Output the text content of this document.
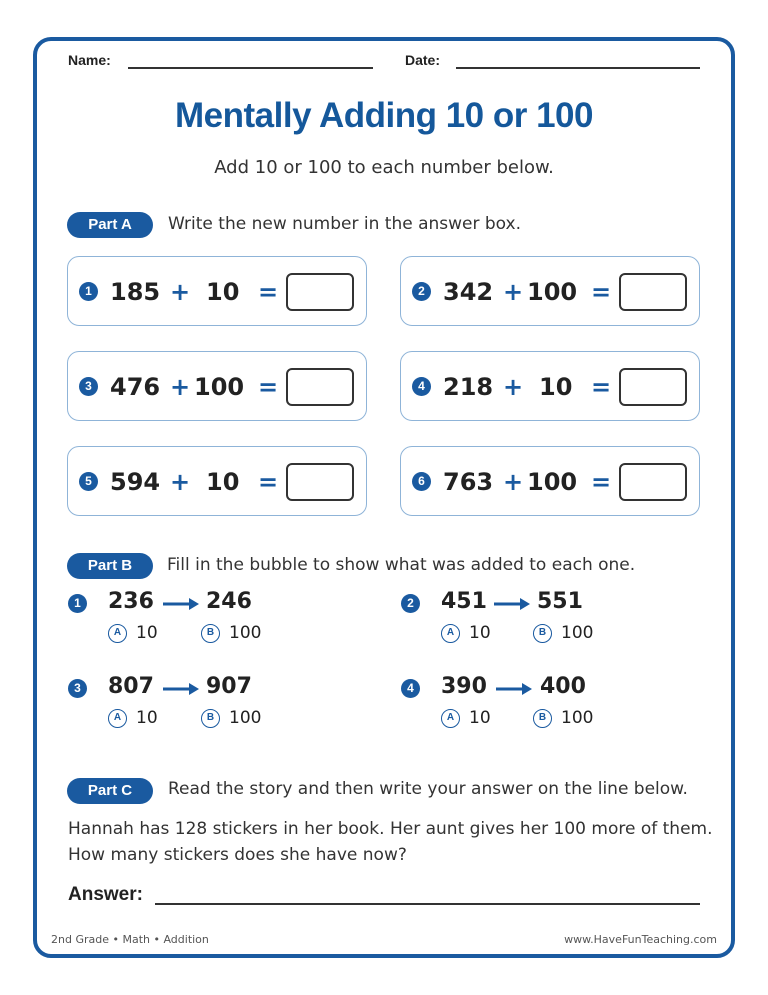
Name:	Date:
Mentally Adding 10 or 100
Add 10 or 100 to each number below.
Part A	Write the new number in the answer box.
1 185 + 10 =	2 342 + 100 =
3 476 + 100 =	4 218 + 10 =
5 594 + 10 =	6 763 + 100 =
Part B	Fill in the bubble to show what was added to each one.
1 236 246
A 10	B 100
2 451 551
A 10	B 100
3 807 907
A 10	B 100
4 390 400
A 10	B 100
Part C	Read the story and then write your answer on the line below.
Hannah has 128 stickers in her book. Her aunt gives her 100 more of them. How many stickers does she have now?
Answer:
2nd Grade • Math • Addition	www.HaveFunTeaching.com
